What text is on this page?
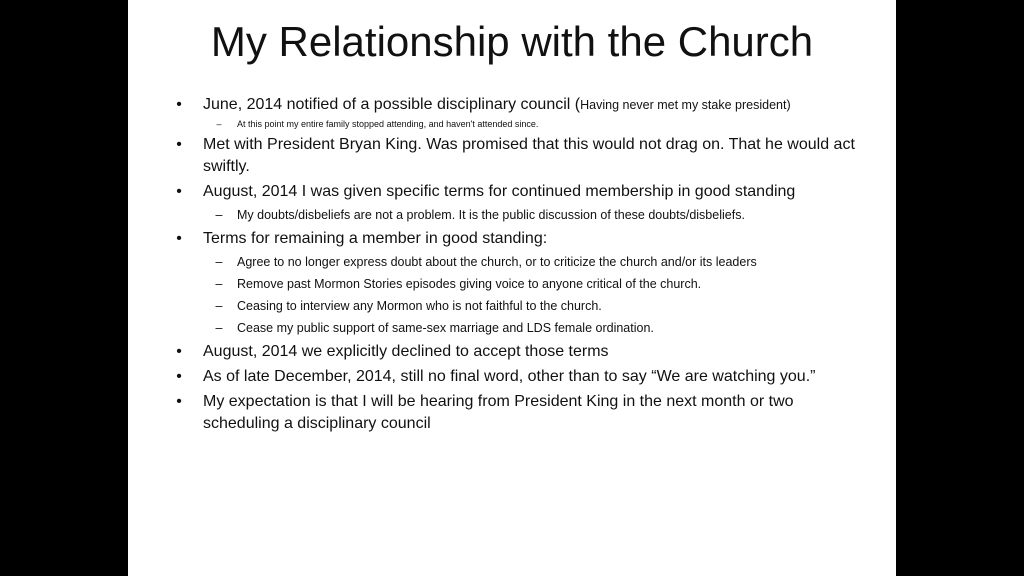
My Relationship with the Church
• June, 2014 notified of a possible disciplinary council (Having never met my stake president)
–	At this point my entire family stopped attending, and haven't attended since.
• Met with President Bryan King. Was promised that this would not drag on. That he would act swiftly.
• August, 2014 I was given specific terms for continued membership in good standing
– My doubts/disbeliefs are not a problem. It is the public discussion of these doubts/disbeliefs.
• Terms for remaining a member in good standing:
– Agree to no longer express doubt about the church, or to criticize the church and/or its leaders
– Remove past Mormon Stories episodes giving voice to anyone critical of the church.
– Ceasing to interview any Mormon who is not faithful to the church.
– Cease my public support of same-sex marriage and LDS female ordination.
• August, 2014 we explicitly declined to accept those terms
• As of late December, 2014, still no final word, other than to say “We are watching you.”
• My expectation is that I will be hearing from President King in the next month or two scheduling a disciplinary council
